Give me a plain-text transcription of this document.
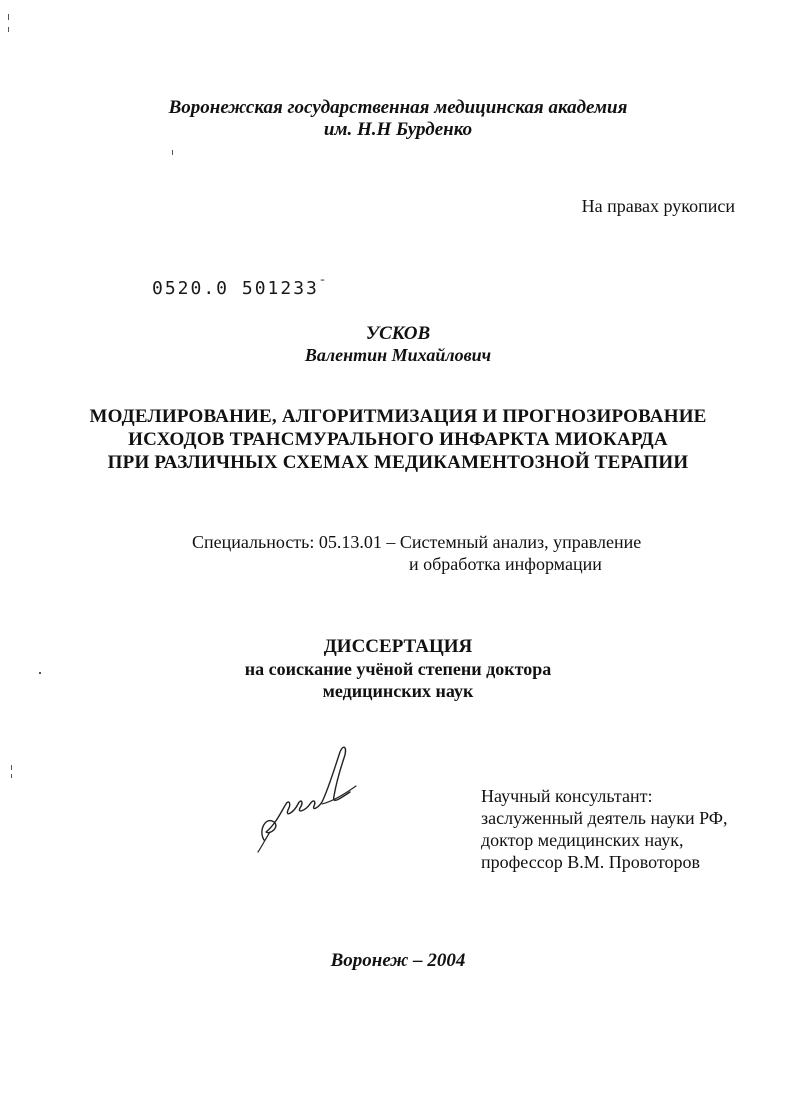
Воронежская государственная медицинская академия
им. Н.Н Бурденко
На правах рукописи
0520.0 501233¯
УСКОВ
Валентин Михайлович
МОДЕЛИРОВАНИЕ, АЛГОРИТМИЗАЦИЯ И ПРОГНОЗИРОВАНИЕ
ИСХОДОВ ТРАНСМУРАЛЬНОГО ИНФАРКТА МИОКАРДА
ПРИ РАЗЛИЧНЫХ СХЕМАХ МЕДИКАМЕНТОЗНОЙ ТЕРАПИИ
Специальность: 05.13.01 – Системный анализ, управление
и обработка информации
ДИССЕРТАЦИЯ
на соискание учёной степени доктора
медицинских наук
Научный консультант:
заслуженный деятель науки РФ,
доктор медицинских наук,
профессор В.М. Провоторов
Воронеж – 2004
